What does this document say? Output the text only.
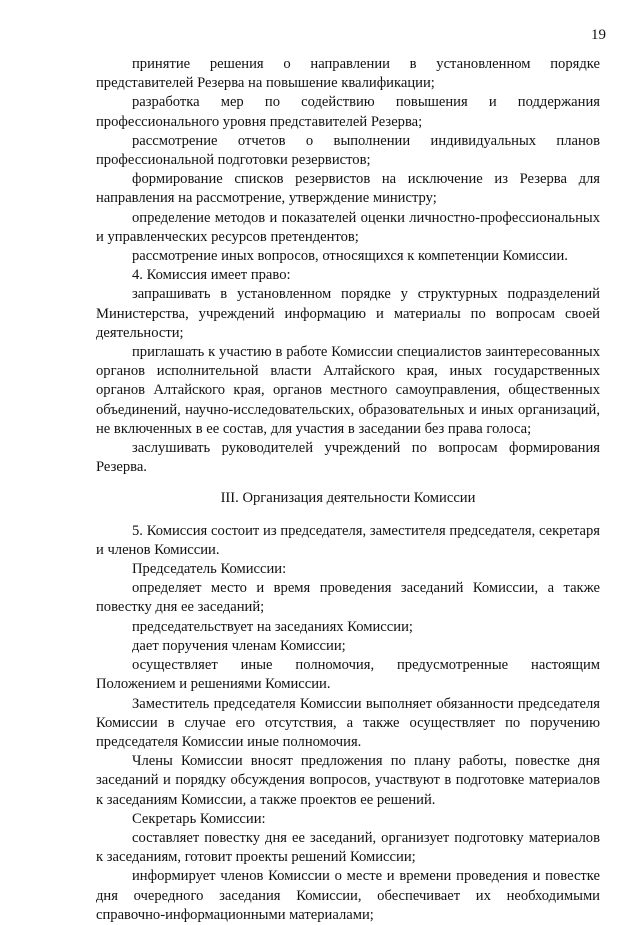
19

принятие решения о направлении в установленном порядке представителей Резерва на повышение квалификации;

разработка мер по содействию повышения и поддержания профессионального уровня представителей Резерва;

рассмотрение отчетов о выполнении индивидуальных планов профессиональной подготовки резервистов;

формирование списков резервистов на исключение из Резерва для направления на рассмотрение, утверждение министру;

определение методов и показателей оценки личностно-профессиональных и управленческих ресурсов претендентов;

рассмотрение иных вопросов, относящихся к компетенции Комиссии.

4. Комиссия имеет право:

запрашивать в установленном порядке у структурных подразделений Министерства, учреждений информацию и материалы по вопросам своей деятельности;

приглашать к участию в работе Комиссии специалистов заинтересованных органов исполнительной власти Алтайского края, иных государственных органов Алтайского края, органов местного самоуправления, общественных объединений, научно-исследовательских, образовательных и иных организаций, не включенных в ее состав, для участия в заседании без права голоса;

заслушивать руководителей учреждений по вопросам формирования Резерва.

III. Организация деятельности Комиссии

5. Комиссия состоит из председателя, заместителя председателя, секретаря и членов Комиссии.

Председатель Комиссии:

определяет место и время проведения заседаний Комиссии, а также повестку дня ее заседаний;

председательствует на заседаниях Комиссии;

дает поручения членам Комиссии;

осуществляет иные полномочия, предусмотренные настоящим Положением и решениями Комиссии.

Заместитель председателя Комиссии выполняет обязанности председателя Комиссии в случае его отсутствия, а также осуществляет по поручению председателя Комиссии иные полномочия.

Члены Комиссии вносят предложения по плану работы, повестке дня заседаний и порядку обсуждения вопросов, участвуют в подготовке материалов к заседаниям Комиссии, а также проектов ее решений.

Секретарь Комиссии:

составляет повестку дня ее заседаний, организует подготовку материалов к заседаниям, готовит проекты решений Комиссии;

информирует членов Комиссии о месте и времени проведения и повестке дня очередного заседания Комиссии, обеспечивает их необходимыми справочно-информационными материалами;
